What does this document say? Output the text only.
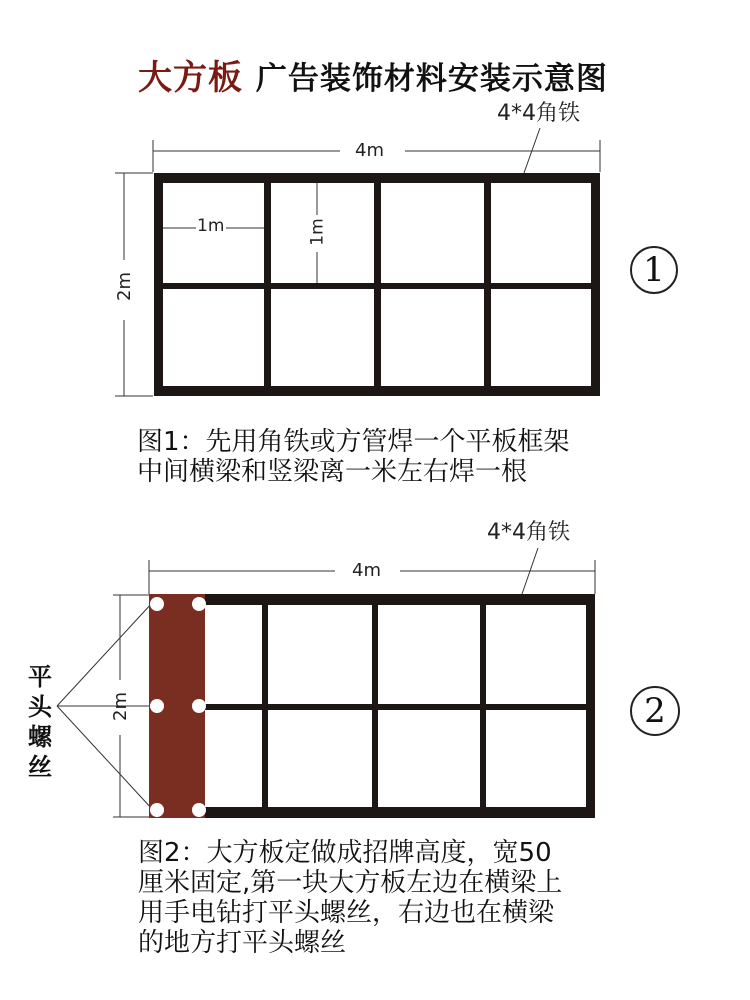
大方板 广告装饰材料安装示意图
4*4角铁
4m
2m
1m	1m
1
图1：先用角铁或方管焊一个平板框架
中间横梁和竖梁离一米左右焊一根
4*4角铁
4m
2m
平
头
螺
丝
2
图2：大方板定做成招牌高度，宽50
厘米固定,第一块大方板左边在横梁上
用手电钻打平头螺丝，右边也在横梁
的地方打平头螺丝
